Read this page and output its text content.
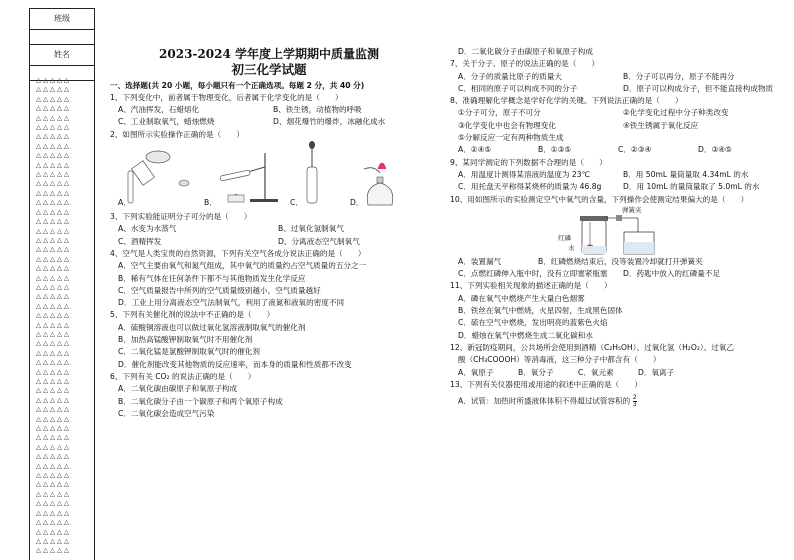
班级
姓名
△△△△△
△△△△△
△△△△△
△△△△△
△△△△△
△△△△△
△△△△△
△△△△△
△△△△△
△△△△△
△△△△△
△△△△△
△△△△△
△△△△△
△△△△△
△△△△△
△△△△△
△△△△△
△△△△△
△△△△△
△△△△△
△△△△△
△△△△△
△△△△△
△△△△△
△△△△△
△△△△△
△△△△△
△△△△△
△△△△△
△△△△△
△△△△△
△△△△△
△△△△△
△△△△△
△△△△△
△△△△△
△△△△△
△△△△△
△△△△△
△△△△△
△△△△△
△△△△△
△△△△△
△△△△△
△△△△△
△△△△△
△△△△△
△△△△△
△△△△△
△△△△△

2023-2024 学年度上学期期中质量监测

初三化学试题

一、选择题(共 20 小题，每小题只有一个正确选项。每题 2 分，共 40 分)

1、下列变化中，前者属于物理变化，后者属于化学变化的是（　　）

A、汽油挥发，石蜡熔化	B、铁生锈，动植物的呼吸
C、工业制取氧气，蜡烛燃烧	D、烟花爆竹的爆炸，冰融化成水

2、如图所示实验操作正确的是（　　）

A．	B．	C．	D．

3、下列实验能证明分子可分的是（　　）

A、水变为水蒸气	B、过氧化氢制氧气
C、酒精挥发	D、分离液态空气制氧气

4、空气是人类宝贵的自然资源，下列有关空气各成分说法正确的是（　　）

A．空气主要由氧气和氮气组成，其中氧气的质量约占空气质量的五分之一

B．稀有气体在任何条件下都不与其他物质发生化学反应

C．空气质量报告中所列的空气质量级别越小，空气质量越好

D．工业上用分离液态空气法制氧气，利用了液氮和液氧的密度不同

5、下列有关催化剂的说法中不正确的是（　　）

A．硫酸铜溶液也可以做过氧化氢溶液制取氧气的催化剂

B．加热高锰酸钾制取氧气时不用催化剂

C．二氧化锰是氯酸钾制取氧气时的催化剂

D．催化剂能改变其他物质的反应速率，而本身的质量和性质都不改变

6、下列有关 CO₂ 的说法正确的是（　　）

A．二氧化碳由碳原子和氧原子构成

B．二氧化碳分子由一个碳原子和两个氧原子构成

C．二氧化碳会造成空气污染

D．二氧化碳分子由碳原子和氧原子构成

7、关于分子、原子的说法正确的是（　　）

A．分子的质量比原子的质量大	B．分子可以再分，原子不能再分
C．相同的原子可以构成不同的分子	D．原子可以构成分子，但不能直接构成物质

8、准确理解化学概念是学好化学的关键。下列说法正确的是（　　）

①分子可分，原子不可分	②化学变化过程中分子种类改变
③化学变化中也会有物理变化	④铁生锈属于氧化反应

⑤分解反应一定有两种物质生成

A．②④⑤	B．①③⑤	C．②③④	D．③④⑤

9、某同学测定的下列数据不合理的是（　　）

A．用温度计测得某溶液的温度为 23℃	B．用 50mL 量筒量取 4.34mL 的水
C．用托盘天平称得某烧杯的质量为 46.8g	D．用 10mL 的量筒量取了 5.0mL 的水

10、用如图所示的实验测定空气中氧气的含量，下列操作会使测定结果偏大的是（　　）

弹簧夹
红磷
水
A．装置漏气	B．红磷燃烧结束后，没等装置冷却就打开弹簧夹
C．点燃红磷伸入瓶中时，没有立即塞紧瓶塞	D．药匙中放入的红磷量不足

11、下列实验相关现象的描述正确的是（　　）

A．磷在氧气中燃烧产生大量白色烟雾

B．铁丝在氧气中燃烧，火星四射，生成黑色固体

C．硫在空气中燃烧，发出明亮的蓝紫色火焰

D．蜡烛在氧气中燃烧生成二氧化碳和水

12、新冠防疫期间，公共场所会使用到酒精（C₂H₅OH）、过氧化氢（H₂O₂）、过氧乙

酸（CH₃COOOH）等消毒液，这三种分子中都含有（　　）

A．氧原子	B．氧分子	C．氧元素	D．氧离子

13、下列有关仪器使用或用途的叙述中正确的是（　　）

A．试管：加热时所盛液体体积不得超过试管容积的 $\frac{2}{3}$
